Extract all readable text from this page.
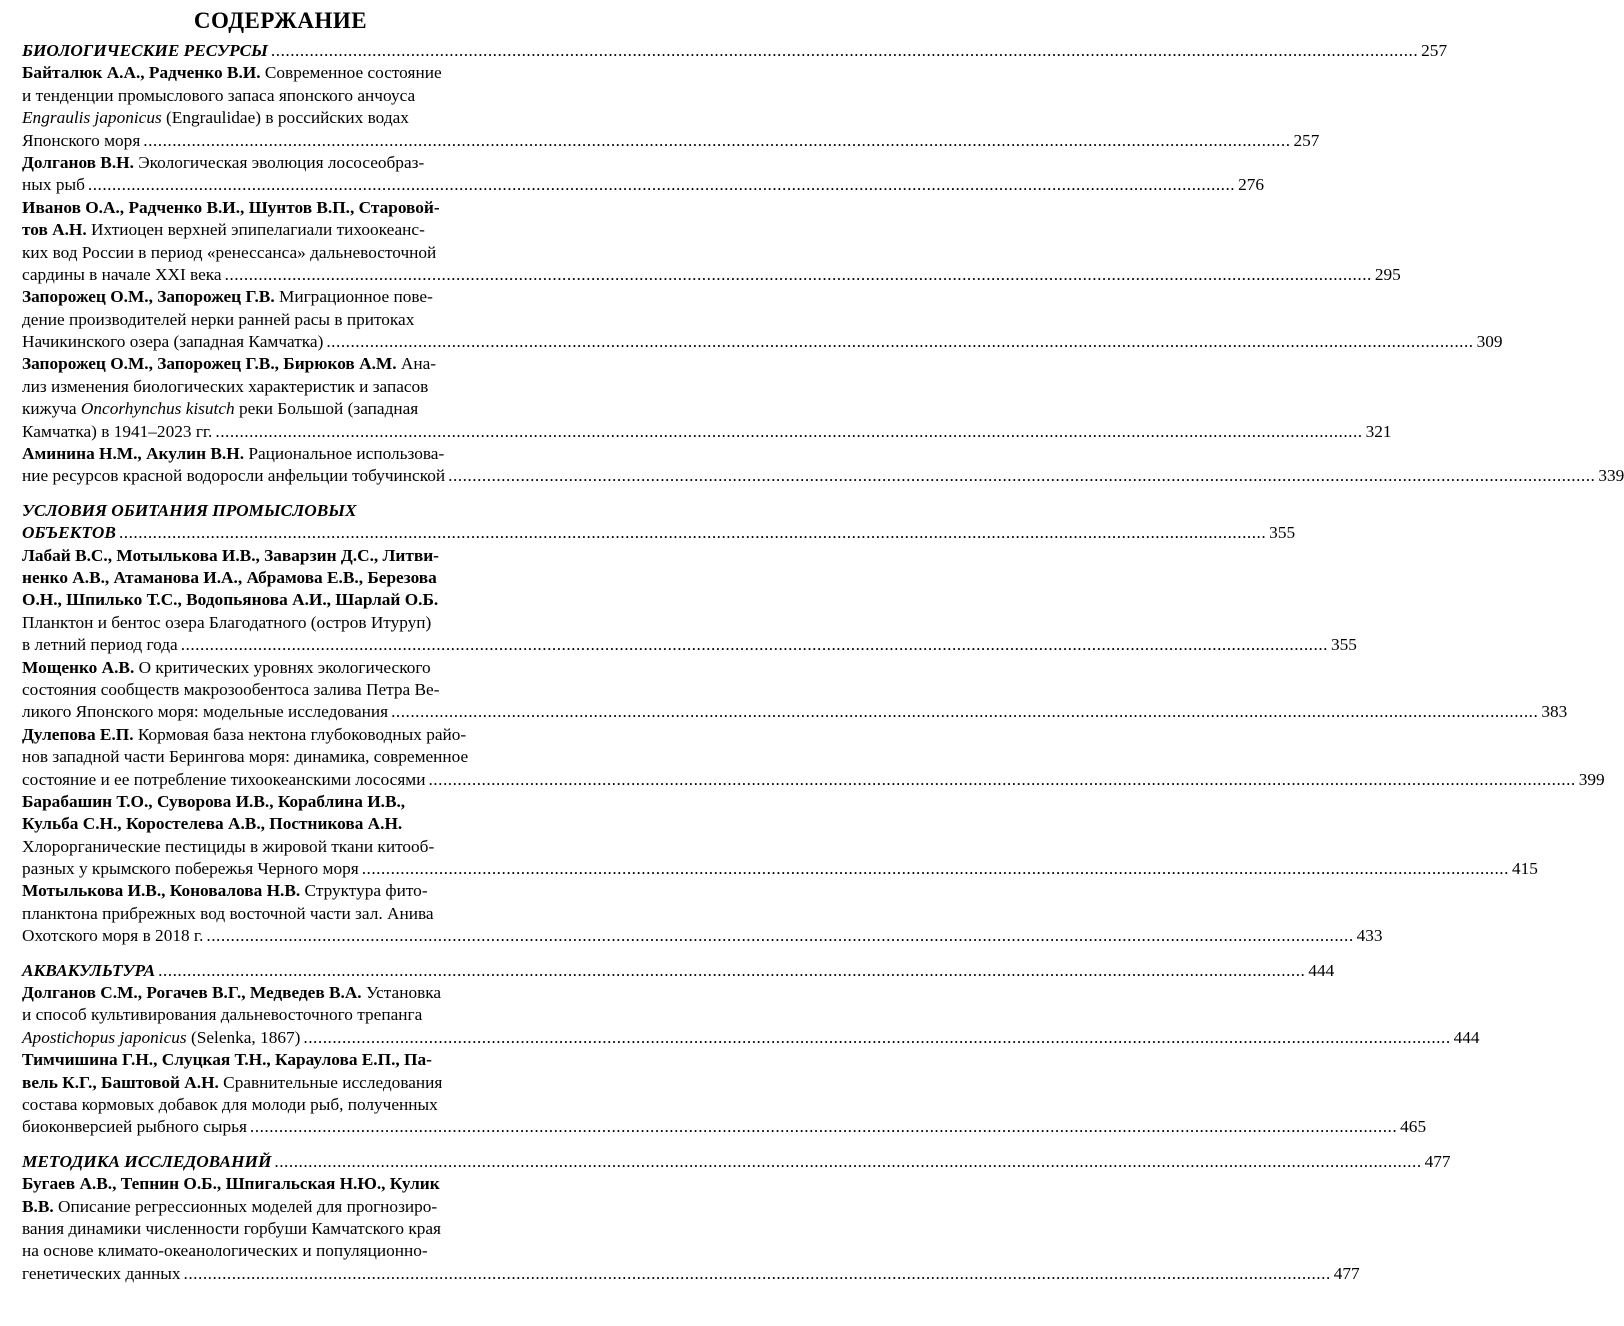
СОДЕРЖАНИЕ
БИОЛОГИЧЕСКИЕ РЕСУРСЫ .....	257
Байталюк А.А., Радченко В.И. Современное состояние
и тенденции промыслового запаса японского анчоуса
Engraulis japonicus (Engraulidae) в российских водах
Японского моря .....	257
Долганов В.Н. Экологическая эволюция лососеобраз-
ных рыб .....	276
Иванов О.А., Радченко В.И., Шунтов В.П., Старовой-
тов А.Н. Ихтиоцен верхней эпипелагиали тихоокеанс-
ких вод России в период «ренессанса» дальневосточной
сардины в начале XXI века .....	295
Запорожец О.М., Запорожец Г.В. Миграционное пове-
дение производителей нерки ранней расы в притоках
Начикинского озера (западная Камчатка) .....	309
Запорожец О.М., Запорожец Г.В., Бирюков А.М. Ана-
лиз изменения биологических характеристик и запасов
кижуча Oncorhynchus kisutch реки Большой (западная
Камчатка) в 1941–2023 гг. .....	321
Аминина Н.М., Акулин В.Н. Рациональное использова-
ние ресурсов красной водоросли анфельции тобучинской .....	339
УСЛОВИЯ ОБИТАНИЯ ПРОМЫСЛОВЫХ
ОБЪЕКТОВ .....	355
Лабай В.С., Мотылькова И.В., Заварзин Д.С., Литви-
ненко А.В., Атаманова И.А., Абрамова Е.В., Березова
О.Н., Шпилько Т.С., Водопьянова А.И., Шарлай О.Б.
Планктон и бентос озера Благодатного (остров Итуруп)
в летний период года .....	355
Мощенко А.В. О критических уровнях экологического
состояния сообществ макрозообентоса залива Петра Ве-
ликого Японского моря: модельные исследования .....	383
Дулепова Е.П. Кормовая база нектона глубоководных райо-
нов западной части Берингова моря: динамика, современное
состояние и ее потребление тихоокеанскими лососями .....	399
Барабашин Т.О., Суворова И.В., Кораблина И.В.,
Кульба С.Н., Коростелева А.В., Постникова А.Н.
Хлорорганические пестициды в жировой ткани китооб-
разных у крымского побережья Черного моря .....	415
Мотылькова И.В., Коновалова Н.В. Структура фито-
планктона прибрежных вод восточной части зал. Анива
Охотского моря в 2018 г. .....	433
АКВАКУЛЬТУРА .....	444
Долганов С.М., Рогачев В.Г., Медведев В.А. Установка
и способ культивирования дальневосточного трепанга
Apostichopus japonicus (Selenka, 1867) .....	444
Тимчишина Г.Н., Слуцкая Т.Н., Караулова Е.П., Па-
вель К.Г., Баштовой А.Н. Сравнительные исследования
состава кормовых добавок для молоди рыб, полученных
биоконверсией рыбного сырья .....	465
МЕТОДИКА ИССЛЕДОВАНИЙ .....	477
Бугаев А.В., Тепнин О.Б., Шпигальская Н.Ю., Кулик
В.В. Описание регрессионных моделей для прогнозиро-
вания динамики численности горбуши Камчатского края
на основе климато-океанологических и популяционно-
генетических данных .....	477
